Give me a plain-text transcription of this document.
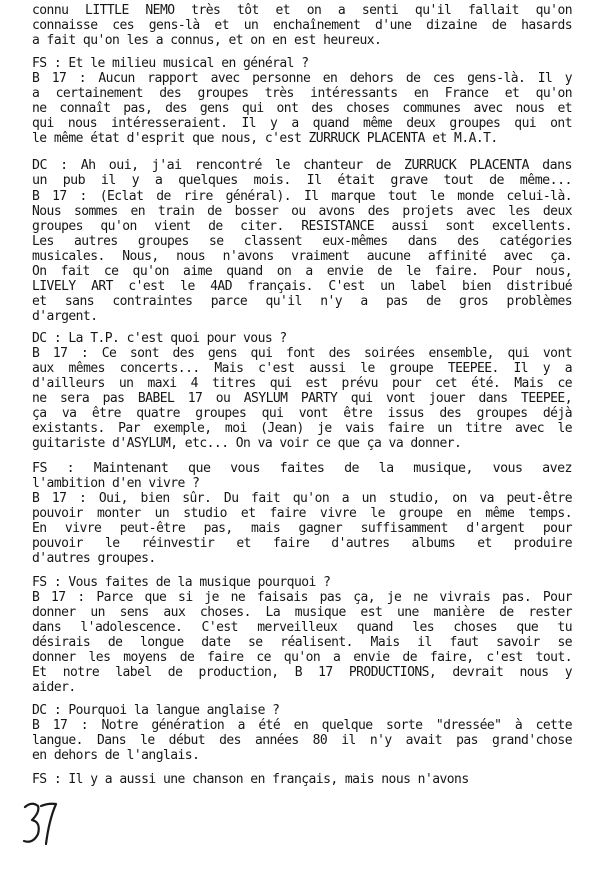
connu LITTLE NEMO très tôt et on a senti qu'il fallait qu'on

connaisse ces gens-là et un enchaînement d'une dizaine de hasards

a fait qu'on les a connus, et on en est heureux.

FS : Et le milieu musical en général ?

B 17 : Aucun rapport avec personne en dehors de ces gens-là. Il y

a certainement des groupes très intéressants en France et qu'on

ne connaît pas, des gens qui ont des choses communes avec nous et

qui nous intéresseraient. Il y a quand même deux groupes qui ont

le même état d'esprit que nous, c'est ZURRUCK PLACENTA et M.A.T.

DC : Ah oui, j'ai rencontré le chanteur de ZURRUCK PLACENTA dans

un pub il y a quelques mois. Il était grave tout de même...

B 17 : (Eclat de rire général). Il marque tout le monde celui-là.

Nous sommes en train de bosser ou avons des projets avec les deux

groupes qu'on vient de citer. RESISTANCE aussi sont excellents.

Les autres groupes se classent eux-mêmes dans des catégories

musicales. Nous, nous n'avons vraiment aucune affinité avec ça.

On fait ce qu'on aime quand on a envie de le faire. Pour nous,

LIVELY ART c'est le 4AD français. C'est un label bien distribué

et sans contraintes parce qu'il n'y a pas de gros problèmes

d'argent.

DC : La T.P. c'est quoi pour vous ?

B 17 : Ce sont des gens qui font des soirées ensemble, qui vont

aux mêmes concerts... Mais c'est aussi le groupe TEEPEE. Il y a

d'ailleurs un maxi 4 titres qui est prévu pour cet été. Mais ce

ne sera pas BABEL 17 ou ASYLUM PARTY qui vont jouer dans TEEPEE,

ça va être quatre groupes qui vont être issus des groupes déjà

existants. Par exemple, moi (Jean) je vais faire un titre avec le

guitariste d'ASYLUM, etc... On va voir ce que ça va donner.

FS : Maintenant que vous faites de la musique, vous avez

l'ambition d'en vivre ?

B 17 : Oui, bien sûr. Du fait qu'on a un studio, on va peut-être

pouvoir monter un studio et faire vivre le groupe en même temps.

En vivre peut-être pas, mais gagner suffisamment d'argent pour

pouvoir le réinvestir et faire d'autres albums et produire

d'autres groupes.

FS : Vous faites de la musique pourquoi ?

B 17 : Parce que si je ne faisais pas ça, je ne vivrais pas. Pour

donner un sens aux choses. La musique est une manière de rester

dans l'adolescence. C'est merveilleux quand les choses que tu

désirais de longue date se réalisent. Mais il faut savoir se

donner les moyens de faire ce qu'on a envie de faire, c'est tout.

Et notre label de production, B 17 PRODUCTIONS, devrait nous y

aider.

DC : Pourquoi la langue anglaise ?

B 17 : Notre génération a été en quelque sorte "dressée" à cette

langue. Dans le début des années 80 il n'y avait pas grand'chose

en dehors de l'anglais.

FS : Il y a aussi une chanson en français, mais nous n'avons
